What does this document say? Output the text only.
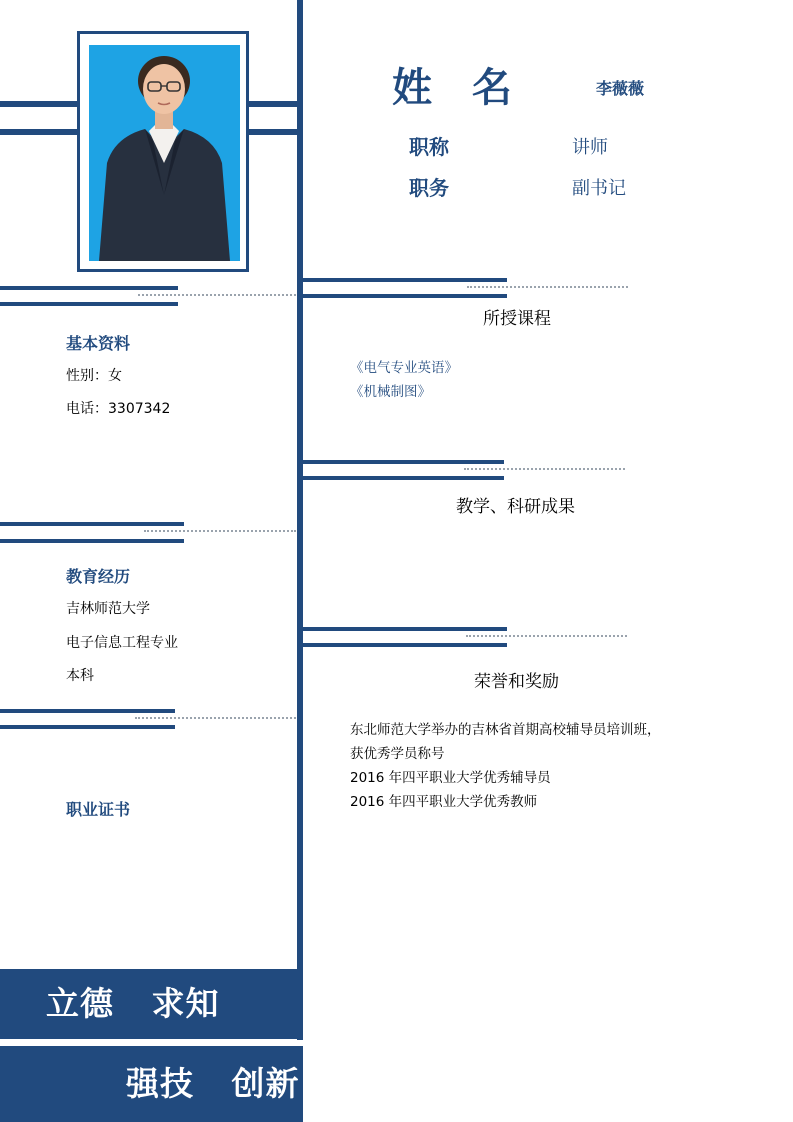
姓  名	李薇薇
职称	讲师
职务	副书记
基本资料
性别：女
电话：3307342
教育经历
吉林师范大学
电子信息工程专业
本科
职业证书
所授课程
《电气专业英语》
《机械制图》
教学、科研成果
荣誉和奖励
东北师范大学举办的吉林省首期高校辅导员培训班，
获优秀学员称号
2016 年四平职业大学优秀辅导员
2016 年四平职业大学优秀教师
立德   求知
强技   创新
